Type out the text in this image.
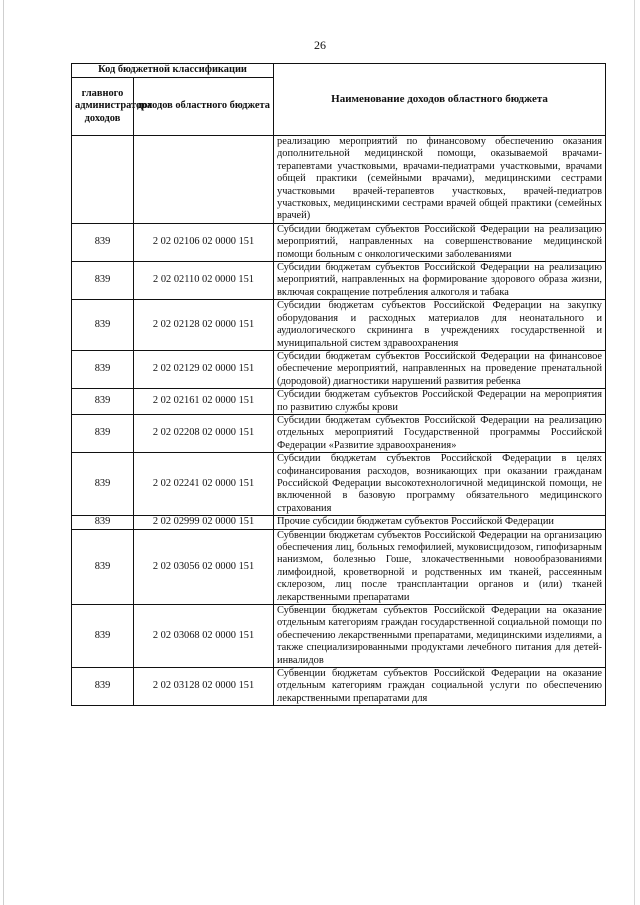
26
Код бюджетной классификации		Наименование доходов областного бюджета
главного администратора доходов	доходов областного бюджета	
		реализацию мероприятий по финансовому обеспечению оказания дополнительной медицинской помощи, оказываемой врачами-терапевтами участковыми, врачами-педиатрами участковыми, врачами общей практики (семейными врачами), медицинскими сестрами участковыми врачей-терапевтов участковых, врачей-педиатров участковых, медицинскими сестрами врачей общей практики (семейных врачей)
839	2 02 02106 02 0000 151	Субсидии бюджетам субъектов Российской Федерации на реализацию мероприятий, направленных на совершенствование медицинской помощи больным с онкологическими заболеваниями
839	2 02 02110 02 0000 151	Субсидии бюджетам субъектов Российской Федерации на реализацию мероприятий, направленных на формирование здорового образа жизни, включая сокращение потребления алкоголя и табака
839	2 02 02128 02 0000 151	Субсидии бюджетам субъектов Российской Федерации на закупку оборудования и расходных материалов для неонатального и аудиологического скрининга в учреждениях государственной и муниципальной систем здравоохранения
839	2 02 02129 02 0000 151	Субсидии бюджетам субъектов Российской Федерации на финансовое обеспечение мероприятий, направленных на проведение пренатальной (дородовой) диагностики нарушений развития ребенка
839	2 02 02161 02 0000 151	Субсидии бюджетам субъектов Российской Федерации на мероприятия по развитию службы крови
839	2 02 02208 02 0000 151	Субсидии бюджетам субъектов Российской Федерации на реализацию отдельных мероприятий Государственной программы Российской Федерации «Развитие здравоохранения»
839	2 02 02241 02 0000 151	Субсидии бюджетам субъектов Российской Федерации в целях софинансирования расходов, возникающих при оказании гражданам Российской Федерации высокотехнологичной медицинской помощи, не включенной в базовую программу обязательного медицинского страхования
839	2 02 02999 02 0000 151	Прочие субсидии бюджетам субъектов Российской Федерации
839	2 02 03056 02 0000 151	Субвенции бюджетам субъектов Российской Федерации на организацию обеспечения лиц, больных гемофилией, муковисцидозом, гипофизарным нанизмом, болезнью Гоше, злокачественными новообразованиями лимфоидной, кроветворной и родственных им тканей, рассеянным склерозом, лиц после трансплантации органов и (или) тканей лекарственными препаратами
839	2 02 03068 02 0000 151	Субвенции бюджетам субъектов Российской Федерации на оказание отдельным категориям граждан государственной социальной помощи по обеспечению лекарственными препаратами, медицинскими изделиями, а также специализированными продуктами лечебного питания для детей-инвалидов
839	2 02 03128 02 0000 151	Субвенции бюджетам субъектов Российской Федерации на оказание отдельным категориям граждан социальной услуги по обеспечению лекарственными препаратами для
